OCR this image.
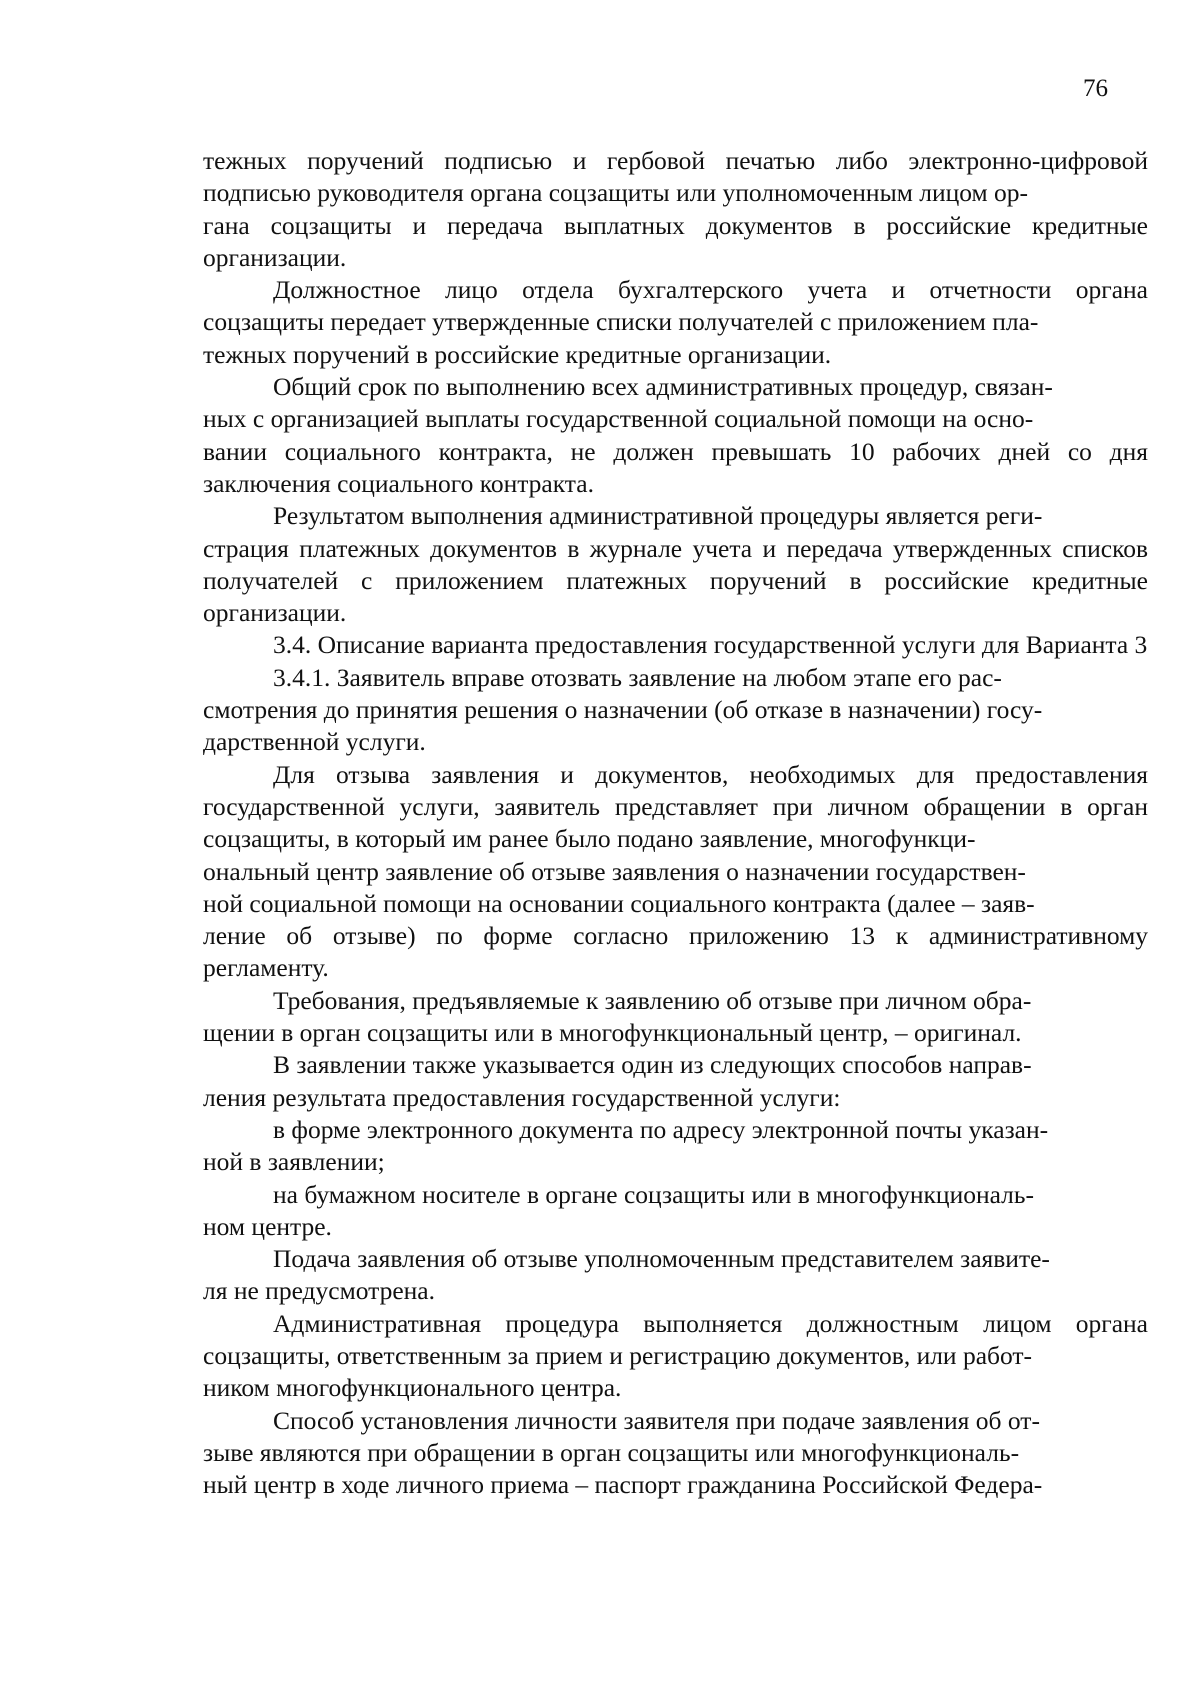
76

тежных поручений подписью и гербовой печатью либо электронно-цифровой подписью руководителя органа соцзащиты или уполномоченным лицом ор-
гана соцзащиты и передача выплатных документов в российские кредитные организации.

Должностное лицо отдела бухгалтерского учета и отчетности органа соцзащиты передает утвержденные списки получателей с приложением пла-
тежных поручений в российские кредитные организации.

Общий срок по выполнению всех административных процедур, связан-
ных с организацией выплаты государственной социальной помощи на осно-
вании социального контракта, не должен превышать 10 рабочих дней со дня заключения социального контракта.

Результатом выполнения административной процедуры является реги-
страция платежных документов в журнале учета и передача утвержденных списков получателей с приложением платежных поручений в российские кредитные организации.

3.4. Описание варианта предоставления государственной услуги для Варианта 3

3.4.1. Заявитель вправе отозвать заявление на любом этапе его рас-
смотрения до принятия решения о назначении (об отказе в назначении) госу-
дарственной услуги.

Для отзыва заявления и документов, необходимых для предоставления государственной услуги, заявитель представляет при личном обращении в орган соцзащиты, в который им ранее было подано заявление, многофункци-
ональный центр заявление об отзыве заявления о назначении государствен-
ной социальной помощи на основании социального контракта (далее – заяв-
ление об отзыве) по форме согласно приложению 13 к административному регламенту.

Требования, предъявляемые к заявлению об отзыве при личном обра-
щении в орган соцзащиты или в многофункциональный центр, – оригинал.

В заявлении также указывается один из следующих способов направ-
ления результата предоставления государственной услуги:

в форме электронного документа по адресу электронной почты указан-
ной в заявлении;

на бумажном носителе в органе соцзащиты или в многофункциональ-
ном центре.

Подача заявления об отзыве уполномоченным представителем заявите-
ля не предусмотрена.

Административная процедура выполняется должностным лицом органа соцзащиты, ответственным за прием и регистрацию документов, или работ-
ником многофункционального центра.

Способ установления личности заявителя при подаче заявления об от-
зыве являются при обращении в орган соцзащиты или многофункциональ-
ный центр в ходе личного приема – паспорт гражданина Российской Федера-
